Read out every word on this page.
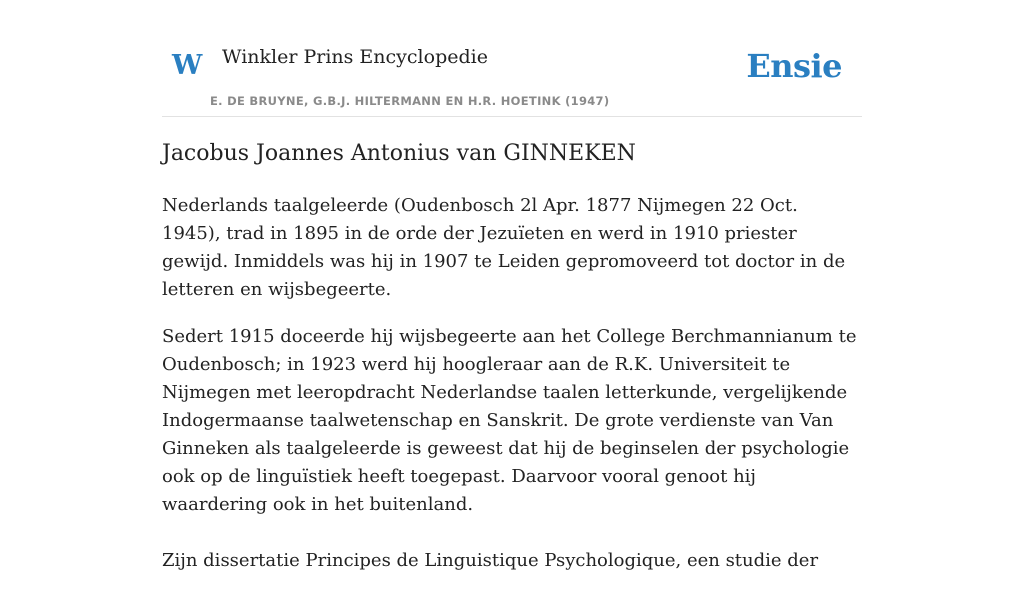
W Winkler Prins Encyclopedie
E. DE BRUYNE, G.B.J. HILTERMANN EN H.R. HOETINK (1947)
Ensie
Jacobus Joannes Antonius van GINNEKEN

Nederlands taalgeleerde (Oudenbosch 2l Apr. 1877 Nijmegen 22 Oct. 1945), trad in 1895 in de orde der Jezuïeten en werd in 1910 priester gewijd. Inmiddels was hij in 1907 te Leiden gepromoveerd tot doctor in de letteren en wijsbegeerte.

Sedert 1915 doceerde hij wijsbegeerte aan het College Berchmannianum te Oudenbosch; in 1923 werd hij hoogleraar aan de R.K. Universiteit te Nijmegen met leeropdracht Nederlandse taalen letterkunde, vergelijkende Indogermaanse taalwetenschap en Sanskrit. De grote verdienste van Van Ginneken als taalgeleerde is geweest dat hij de beginselen der psychologie ook op de linguïstiek heeft toegepast. Daarvoor vooral genoot hij waardering ook in het buitenland.

Zijn dissertatie Principes de Linguistique Psychologique, een studie der
